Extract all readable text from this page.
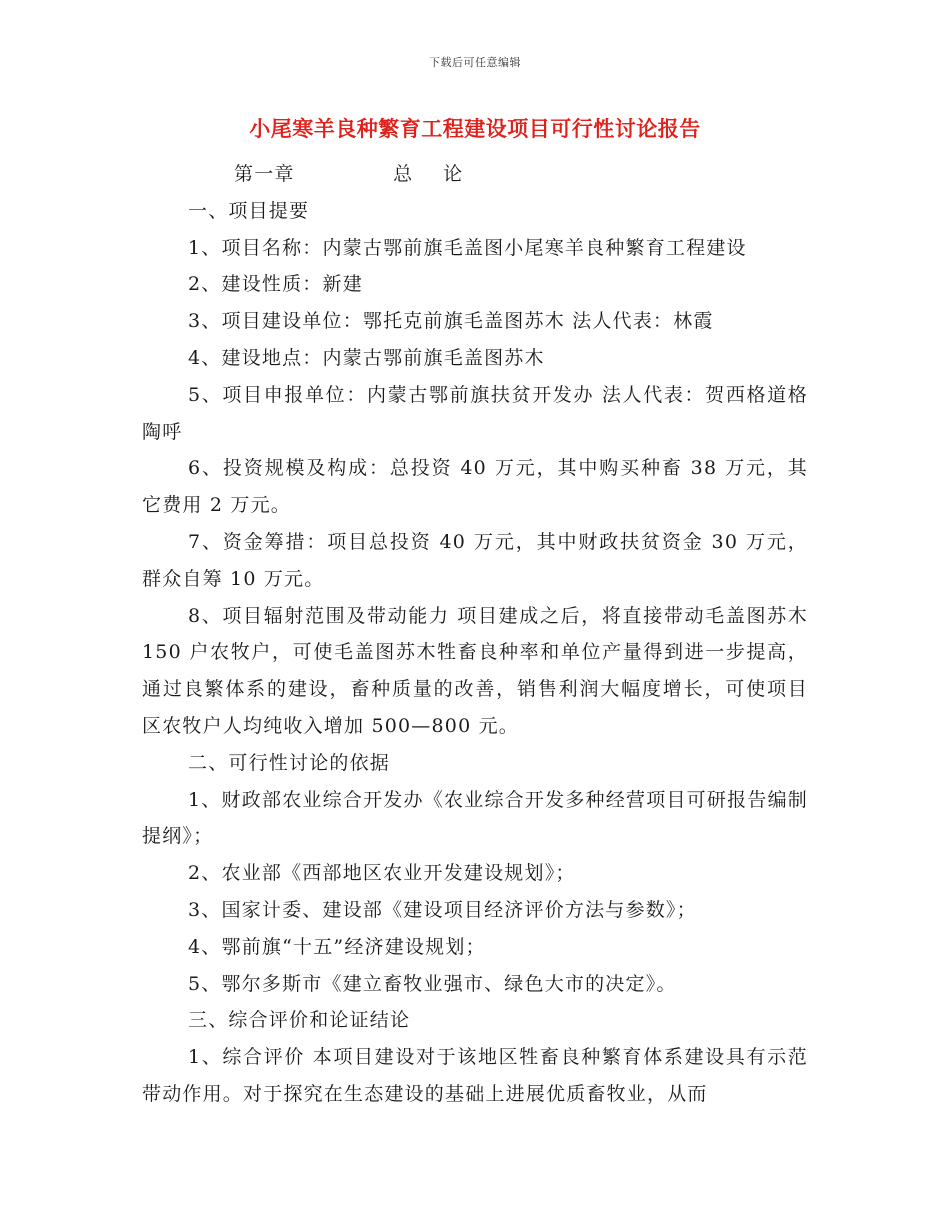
下载后可任意编辑
小尾寒羊良种繁育工程建设项目可行性讨论报告

第一章	总　论

一、项目提要

1、项目名称：内蒙古鄂前旗毛盖图小尾寒羊良种繁育工程建设

2、建设性质：新建

3、项目建设单位：鄂托克前旗毛盖图苏木 法人代表：林霞

4、建设地点：内蒙古鄂前旗毛盖图苏木

5、项目申报单位：内蒙古鄂前旗扶贫开发办 法人代表：贺西格道格陶呼

6、投资规模及构成：总投资 40 万元，其中购买种畜 38 万元，其它费用 2 万元。

7、资金筹措：项目总投资 40 万元，其中财政扶贫资金 30 万元，群众自筹 10 万元。

8、项目辐射范围及带动能力 项目建成之后，将直接带动毛盖图苏木 150 户农牧户，可使毛盖图苏木牲畜良种率和单位产量得到进一步提高，通过良繁体系的建设，畜种质量的改善，销售利润大幅度增长，可使项目区农牧户人均纯收入增加 500—800 元。

二、可行性讨论的依据

1、财政部农业综合开发办《农业综合开发多种经营项目可研报告编制提纲》；

2、农业部《西部地区农业开发建设规划》；

3、国家计委、建设部《建设项目经济评价方法与参数》；

4、鄂前旗“十五”经济建设规划；

5、鄂尔多斯市《建立畜牧业强市、绿色大市的决定》。

三、综合评价和论证结论

1、综合评价 本项目建设对于该地区牲畜良种繁育体系建设具有示范带动作用。对于探究在生态建设的基础上进展优质畜牧业，从而
